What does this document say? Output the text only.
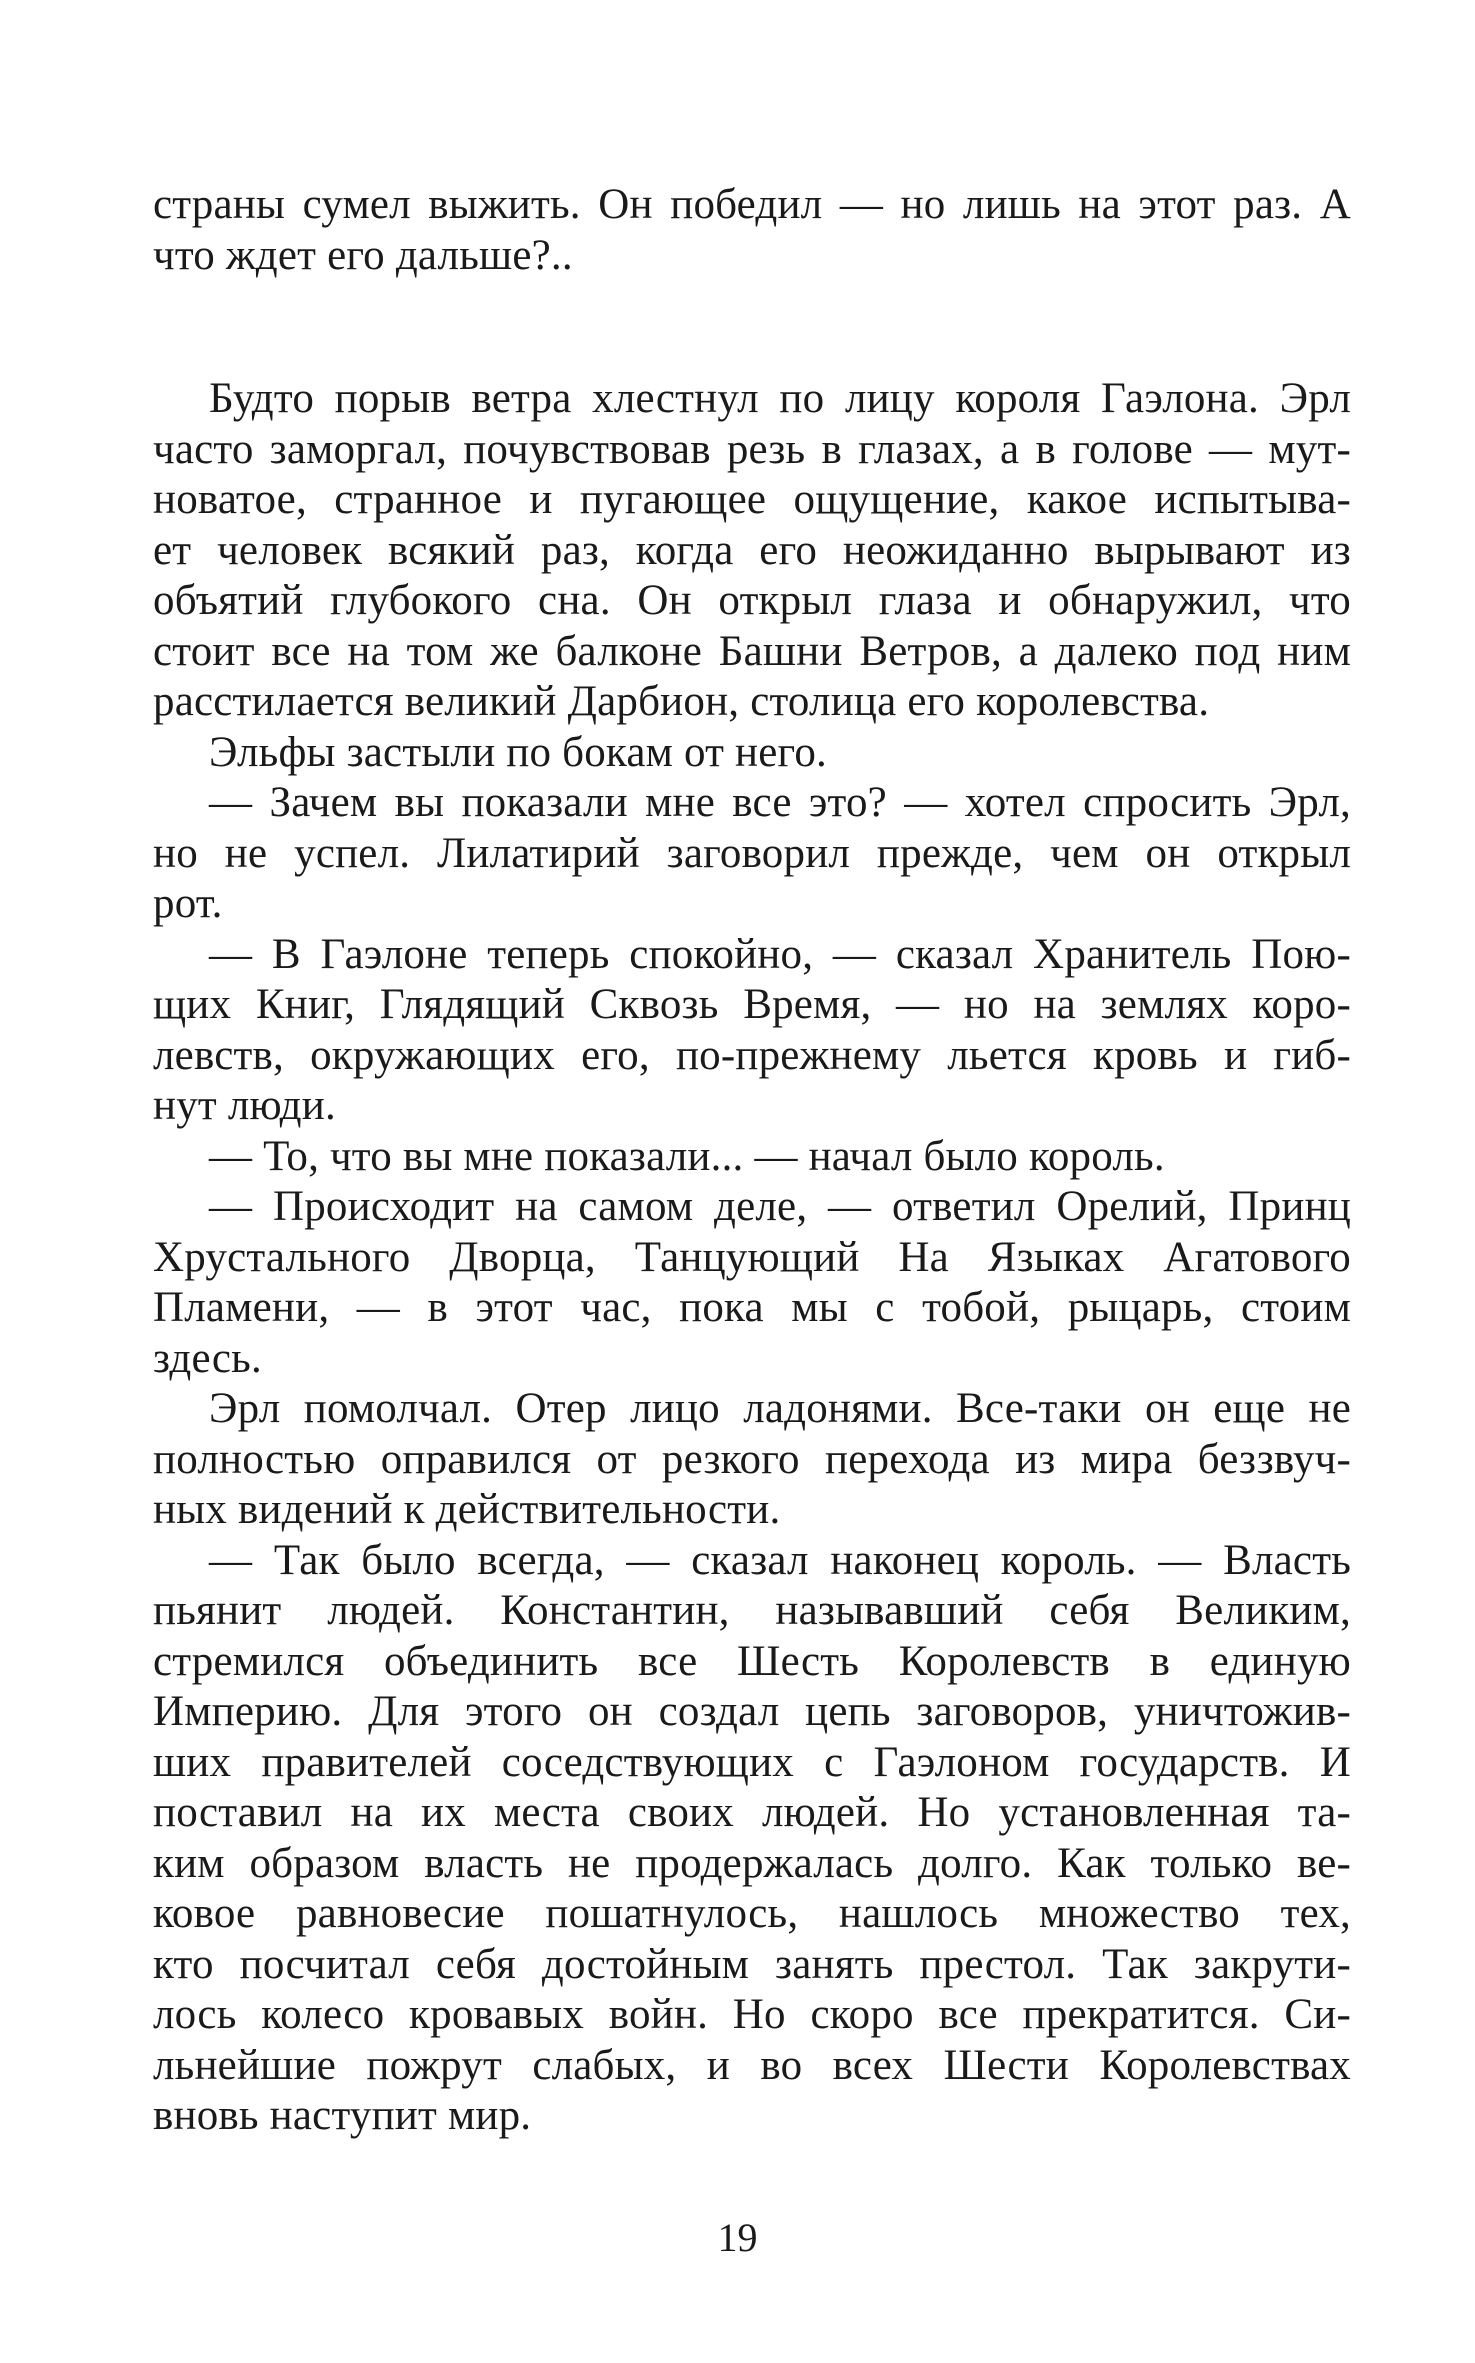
страны сумел выжить. Он победил — но лишь на этот раз. А
что ждет его дальше?..
Будто порыв ветра хлестнул по лицу короля Гаэлона. Эрл
часто заморгал, почувствовав резь в глазах, а в голове — мут-
новатое, странное и пугающее ощущение, какое испытыва-
ет человек всякий раз, когда его неожиданно вырывают из
объятий глубокого сна. Он открыл глаза и обнаружил, что
стоит все на том же балконе Башни Ветров, а далеко под ним
расстилается великий Дарбион, столица его королевства.
Эльфы застыли по бокам от него.
— Зачем вы показали мне все это? — хотел спросить Эрл,
но не успел. Лилатирий заговорил прежде, чем он открыл
рот.
— В Гаэлоне теперь спокойно, — сказал Хранитель Пою-
щих Книг, Глядящий Сквозь Время, — но на землях коро-
левств, окружающих его, по-прежнему льется кровь и гиб-
нут люди.
— То, что вы мне показали... — начал было король.
— Происходит на самом деле, — ответил Орелий, Принц
Хрустального Дворца, Танцующий На Языках Агатового
Пламени, — в этот час, пока мы с тобой, рыцарь, стоим
здесь.
Эрл помолчал. Отер лицо ладонями. Все-таки он еще не
полностью оправился от резкого перехода из мира беззвуч-
ных видений к действительности.
— Так было всегда, — сказал наконец король. — Власть
пьянит людей. Константин, называвший себя Великим,
стремился объединить все Шесть Королевств в единую
Империю. Для этого он создал цепь заговоров, уничтожив-
ших правителей соседствующих с Гаэлоном государств. И
поставил на их места своих людей. Но установленная та-
ким образом власть не продержалась долго. Как только ве-
ковое равновесие пошатнулось, нашлось множество тех,
кто посчитал себя достойным занять престол. Так закрути-
лось колесо кровавых войн. Но скоро все прекратится. Си-
льнейшие пожрут слабых, и во всех Шести Королевствах
вновь наступит мир.
19
